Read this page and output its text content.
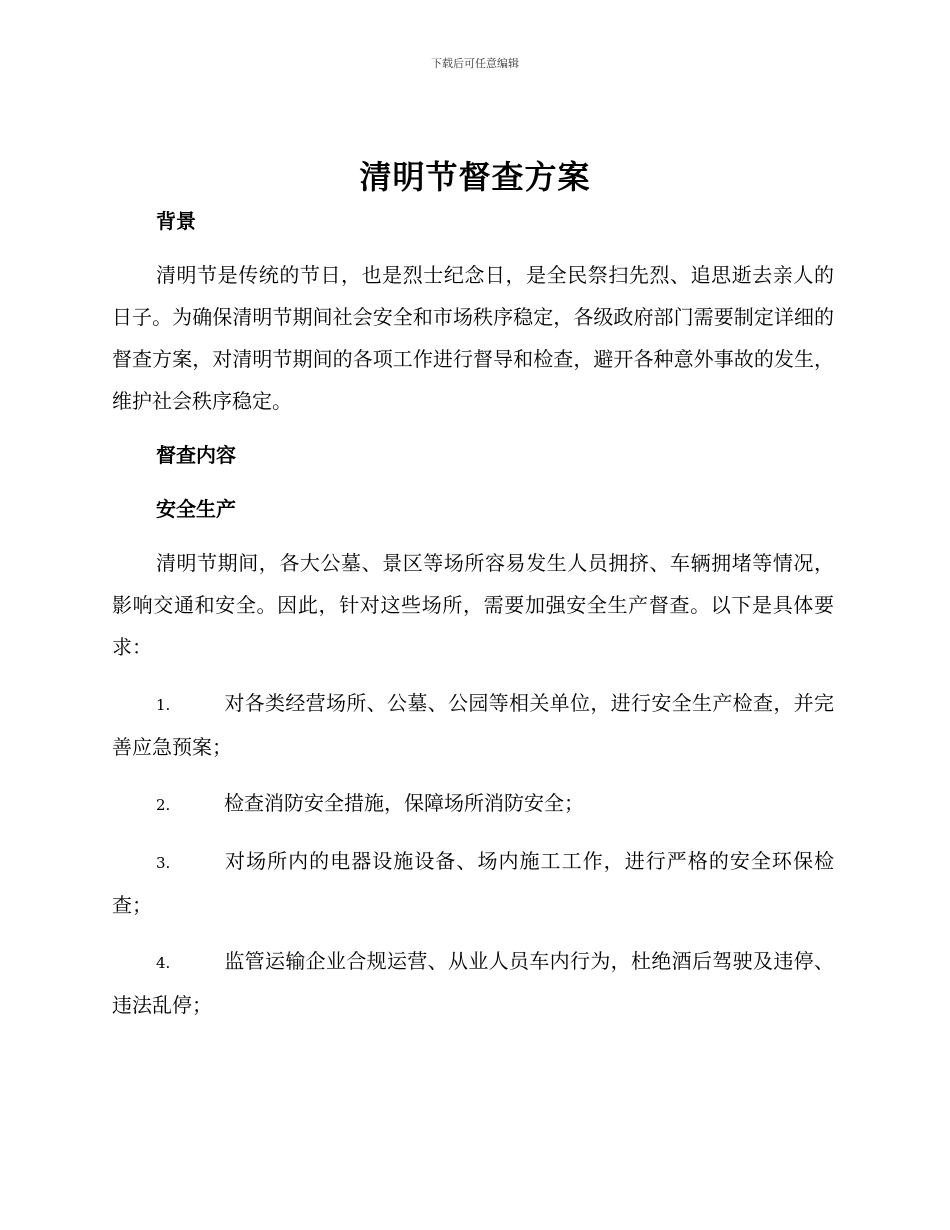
下载后可任意编辑
清明节督查方案

背景

清明节是传统的节日，也是烈士纪念日，是全民祭扫先烈、追思逝去亲人的日子。为确保清明节期间社会安全和市场秩序稳定，各级政府部门需要制定详细的督查方案，对清明节期间的各项工作进行督导和检查，避开各种意外事故的发生，维护社会秩序稳定。

督查内容

安全生产

清明节期间，各大公墓、景区等场所容易发生人员拥挤、车辆拥堵等情况，影响交通和安全。因此，针对这些场所，需要加强安全生产督查。以下是具体要求：

1.	对各类经营场所、公墓、公园等相关单位，进行安全生产检查，并完善应急预案；

2.	检查消防安全措施，保障场所消防安全；

3.	对场所内的电器设施设备、场内施工工作，进行严格的安全环保检查；

4.	监管运输企业合规运营、从业人员车内行为，杜绝酒后驾驶及违停、违法乱停；
